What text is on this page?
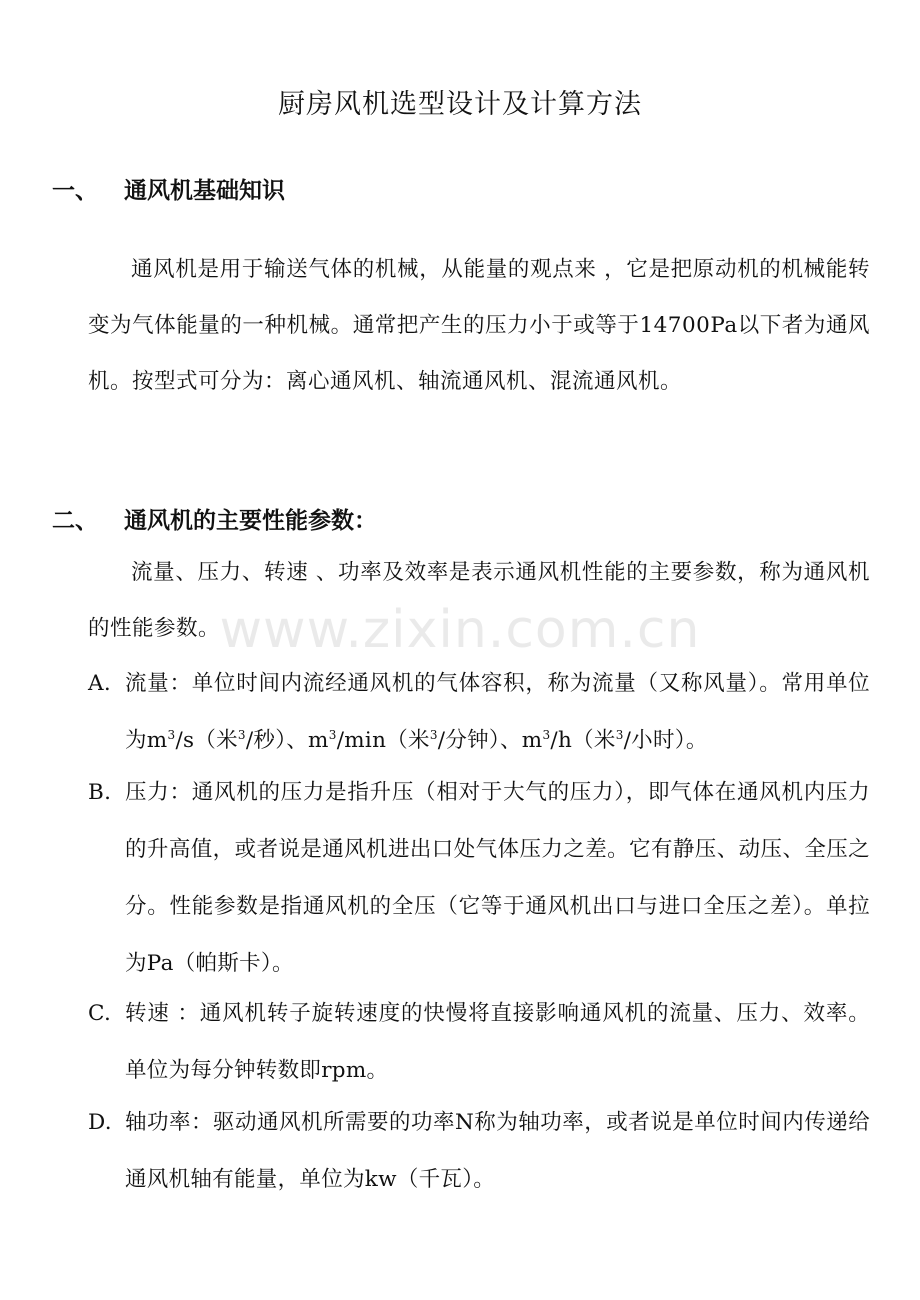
厨房风机选型设计及计算方法
一、 通风机基础知识

通风机是用于输送气体的机械，从能量的观点来 ，它是把原动机的机械能转变为气体能量的一种机械。通常把产生的压力小于或等于14700Pa以下者为通风机。按型式可分为：离心通风机、轴流通风机、混流通风机。

二、 通风机的主要性能参数：

流量、压力、转速 、功率及效率是表示通风机性能的主要参数，称为通风机的性能参数。

A. 流量：单位时间内流经通风机的气体容积，称为流量（又称风量）。常用单位为$m^3/s$（米$^3$/秒）、$m^3/\min$（米$^3$/分钟）、$m^3/h$（米$^3$/小时）。
B. 压力：通风机的压力是指升压（相对于大气的压力），即气体在通风机内压力的升高值，或者说是通风机进出口处气体压力之差。它有静压、动压、全压之分。性能参数是指通风机的全压（它等于通风机出口与进口全压之差）。单拉为Pa（帕斯卡）。
C. 转速 ：通风机转子旋转速度的快慢将直接影响通风机的流量、压力、效率。单位为每分钟转数即rpm。
D. 轴功率：驱动通风机所需要的功率N称为轴功率，或者说是单位时间内传递给通风机轴有能量，单位为kw（千瓦）。
www.zixin.com.cn
